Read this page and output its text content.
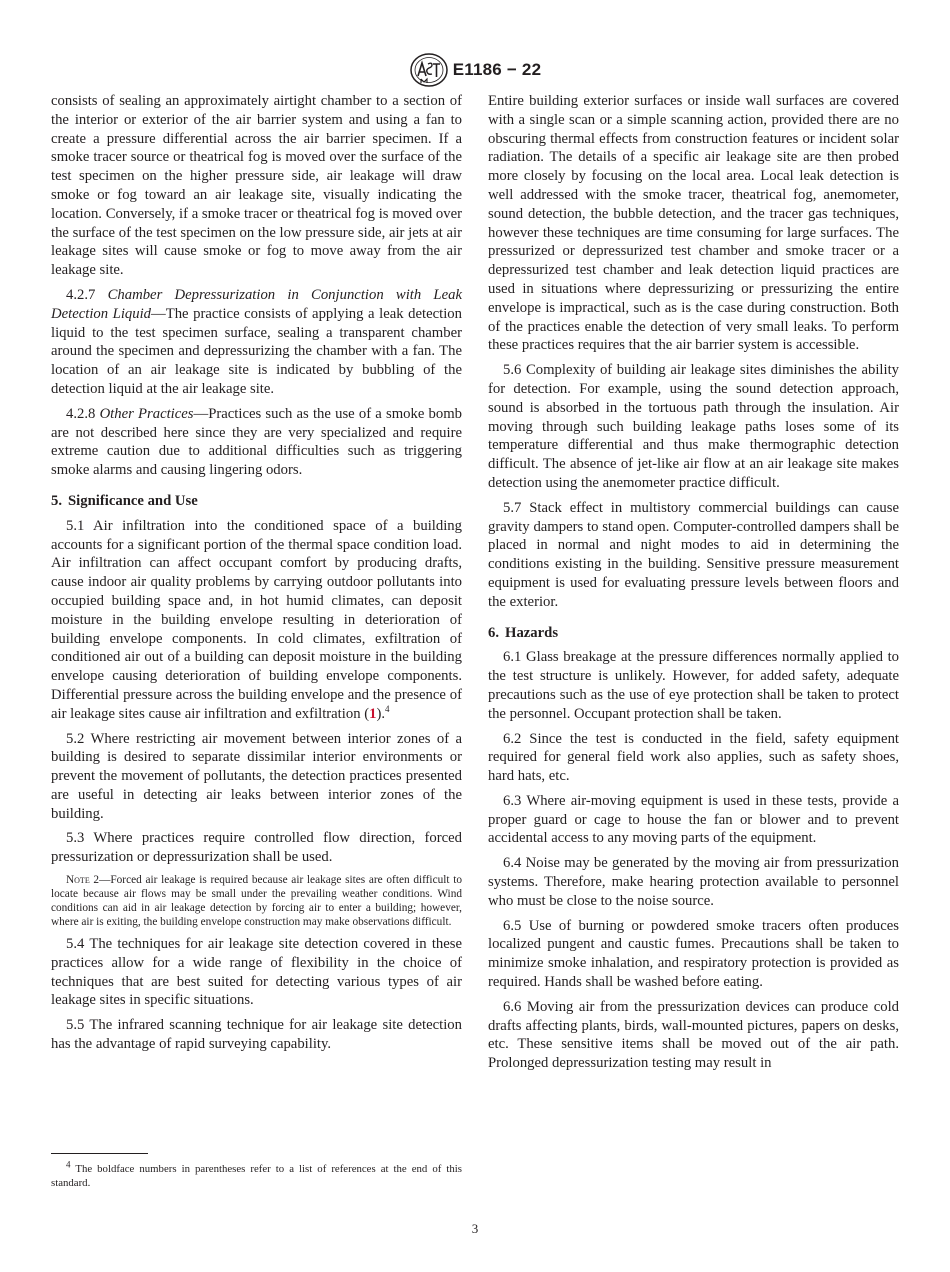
E1186 − 22

consists of sealing an approximately airtight chamber to a section of the interior or exterior of the air barrier system and using a fan to create a pressure differential across the air barrier specimen. If a smoke tracer source or theatrical fog is moved over the surface of the test specimen on the higher pressure side, air leakage will draw smoke or fog toward an air leakage site, visually indicating the location. Conversely, if a smoke tracer or theatrical fog is moved over the surface of the test specimen on the low pressure side, air jets at air leakage sites will cause smoke or fog to move away from the air leakage site.

4.2.7 Chamber Depressurization in Conjunction with Leak Detection Liquid—The practice consists of applying a leak detection liquid to the test specimen surface, sealing a transparent chamber around the specimen and depressurizing the chamber with a fan. The location of an air leakage site is indicated by bubbling of the detection liquid at the air leakage site.

4.2.8 Other Practices—Practices such as the use of a smoke bomb are not described here since they are very specialized and require extreme caution due to additional difficulties such as triggering smoke alarms and causing lingering odors.

5. Significance and Use

5.1 Air infiltration into the conditioned space of a building accounts for a significant portion of the thermal space condition load. Air infiltration can affect occupant comfort by producing drafts, cause indoor air quality problems by carrying outdoor pollutants into occupied building space and, in hot humid climates, can deposit moisture in the building envelope resulting in deterioration of building envelope components. In cold climates, exfiltration of conditioned air out of a building can deposit moisture in the building envelope causing deterioration of building envelope components. Differential pressure across the building envelope and the presence of air leakage sites cause air infiltration and exfiltration (1).$^4$

5.2 Where restricting air movement between interior zones of a building is desired to separate dissimilar interior environments or prevent the movement of pollutants, the detection practices presented are useful in detecting air leaks between interior zones of the building.

5.3 Where practices require controlled flow direction, forced pressurization or depressurization shall be used.

Note 2—Forced air leakage is required because air leakage sites are often difficult to locate because air flows may be small under the prevailing weather conditions. Wind conditions can aid in air leakage detection by forcing air to enter a building; however, where air is exiting, the building envelope construction may make observations difficult.

5.4 The techniques for air leakage site detection covered in these practices allow for a wide range of flexibility in the choice of techniques that are best suited for detecting various types of air leakage sites in specific situations.

5.5 The infrared scanning technique for air leakage site detection has the advantage of rapid surveying capability.

Entire building exterior surfaces or inside wall surfaces are covered with a single scan or a simple scanning action, provided there are no obscuring thermal effects from construction features or incident solar radiation. The details of a specific air leakage site are then probed more closely by focusing on the local area. Local leak detection is well addressed with the smoke tracer, theatrical fog, anemometer, sound detection, the bubble detection, and the tracer gas techniques, however these techniques are time consuming for large surfaces. The pressurized or depressurized test chamber and smoke tracer or a depressurized test chamber and leak detection liquid practices are used in situations where depressurizing or pressurizing the entire envelope is impractical, such as is the case during construction. Both of the practices enable the detection of very small leaks. To perform these practices requires that the air barrier system is accessible.

5.6 Complexity of building air leakage sites diminishes the ability for detection. For example, using the sound detection approach, sound is absorbed in the tortuous path through the insulation. Air moving through such building leakage paths loses some of its temperature differential and thus make thermographic detection difficult. The absence of jet-like air flow at an air leakage site makes detection using the anemometer practice difficult.

5.7 Stack effect in multistory commercial buildings can cause gravity dampers to stand open. Computer-controlled dampers shall be placed in normal and night modes to aid in determining the conditions existing in the building. Sensitive pressure measurement equipment is used for evaluating pressure levels between floors and the exterior.

6. Hazards

6.1 Glass breakage at the pressure differences normally applied to the test structure is unlikely. However, for added safety, adequate precautions such as the use of eye protection shall be taken to protect the personnel. Occupant protection shall be taken.

6.2 Since the test is conducted in the field, safety equipment required for general field work also applies, such as safety shoes, hard hats, etc.

6.3 Where air-moving equipment is used in these tests, provide a proper guard or cage to house the fan or blower and to prevent accidental access to any moving parts of the equipment.

6.4 Noise may be generated by the moving air from pressurization systems. Therefore, make hearing protection available to personnel who must be close to the noise source.

6.5 Use of burning or powdered smoke tracers often produces localized pungent and caustic fumes. Precautions shall be taken to minimize smoke inhalation, and respiratory protection is provided as required. Hands shall be washed before eating.

6.6 Moving air from the pressurization devices can produce cold drafts affecting plants, birds, wall-mounted pictures, papers on desks, etc. These sensitive items shall be moved out of the air path. Prolonged depressurization testing may result in

$^4$ The boldface numbers in parentheses refer to a list of references at the end of this standard.
3
